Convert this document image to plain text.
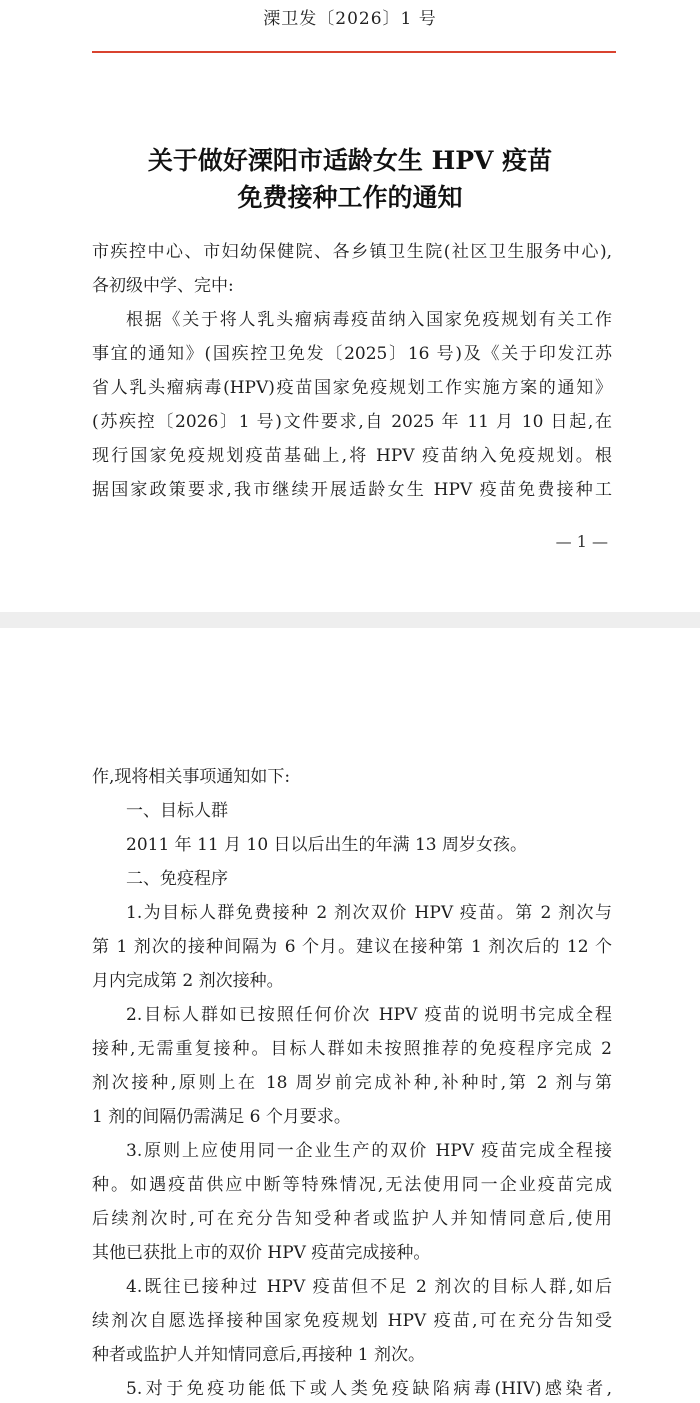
溧卫发〔2026〕1 号
关于做好溧阳市适龄女生 HPV 疫苗
免费接种工作的通知
市疾控中心、市妇幼保健院、各乡镇卫生院(社区卫生服务中心),
各初级中学、完中:
根据《关于将人乳头瘤病毒疫苗纳入国家免疫规划有关工作
事宜的通知》(国疾控卫免发〔2025〕16 号)及《关于印发江苏
省人乳头瘤病毒(HPV)疫苗国家免疫规划工作实施方案的通知》
(苏疾控〔2026〕1 号)文件要求,自 2025 年 11 月 10 日起,在
现行国家免疫规划疫苗基础上,将 HPV 疫苗纳入免疫规划。根
据国家政策要求,我市继续开展适龄女生 HPV 疫苗免费接种工
— 1 —
作,现将相关事项通知如下:
一、目标人群
2011 年 11 月 10 日以后出生的年满 13 周岁女孩。
二、免疫程序
1.为目标人群免费接种 2 剂次双价 HPV 疫苗。第 2 剂次与
第 1 剂次的接种间隔为 6 个月。建议在接种第 1 剂次后的 12 个
月内完成第 2 剂次接种。
2.目标人群如已按照任何价次 HPV 疫苗的说明书完成全程
接种,无需重复接种。目标人群如未按照推荐的免疫程序完成 2
剂次接种,原则上在 18 周岁前完成补种,补种时,第 2 剂与第
1 剂的间隔仍需满足 6 个月要求。
3.原则上应使用同一企业生产的双价 HPV 疫苗完成全程接
种。如遇疫苗供应中断等特殊情况,无法使用同一企业疫苗完成
后续剂次时,可在充分告知受种者或监护人并知情同意后,使用
其他已获批上市的双价 HPV 疫苗完成接种。
4.既往已接种过 HPV 疫苗但不足 2 剂次的目标人群,如后
续剂次自愿选择接种国家免疫规划 HPV 疫苗,可在充分告知受
种者或监护人并知情同意后,再接种 1 剂次。
5.对于免疫功能低下或人类免疫缺陷病毒(HIV)感染者,
